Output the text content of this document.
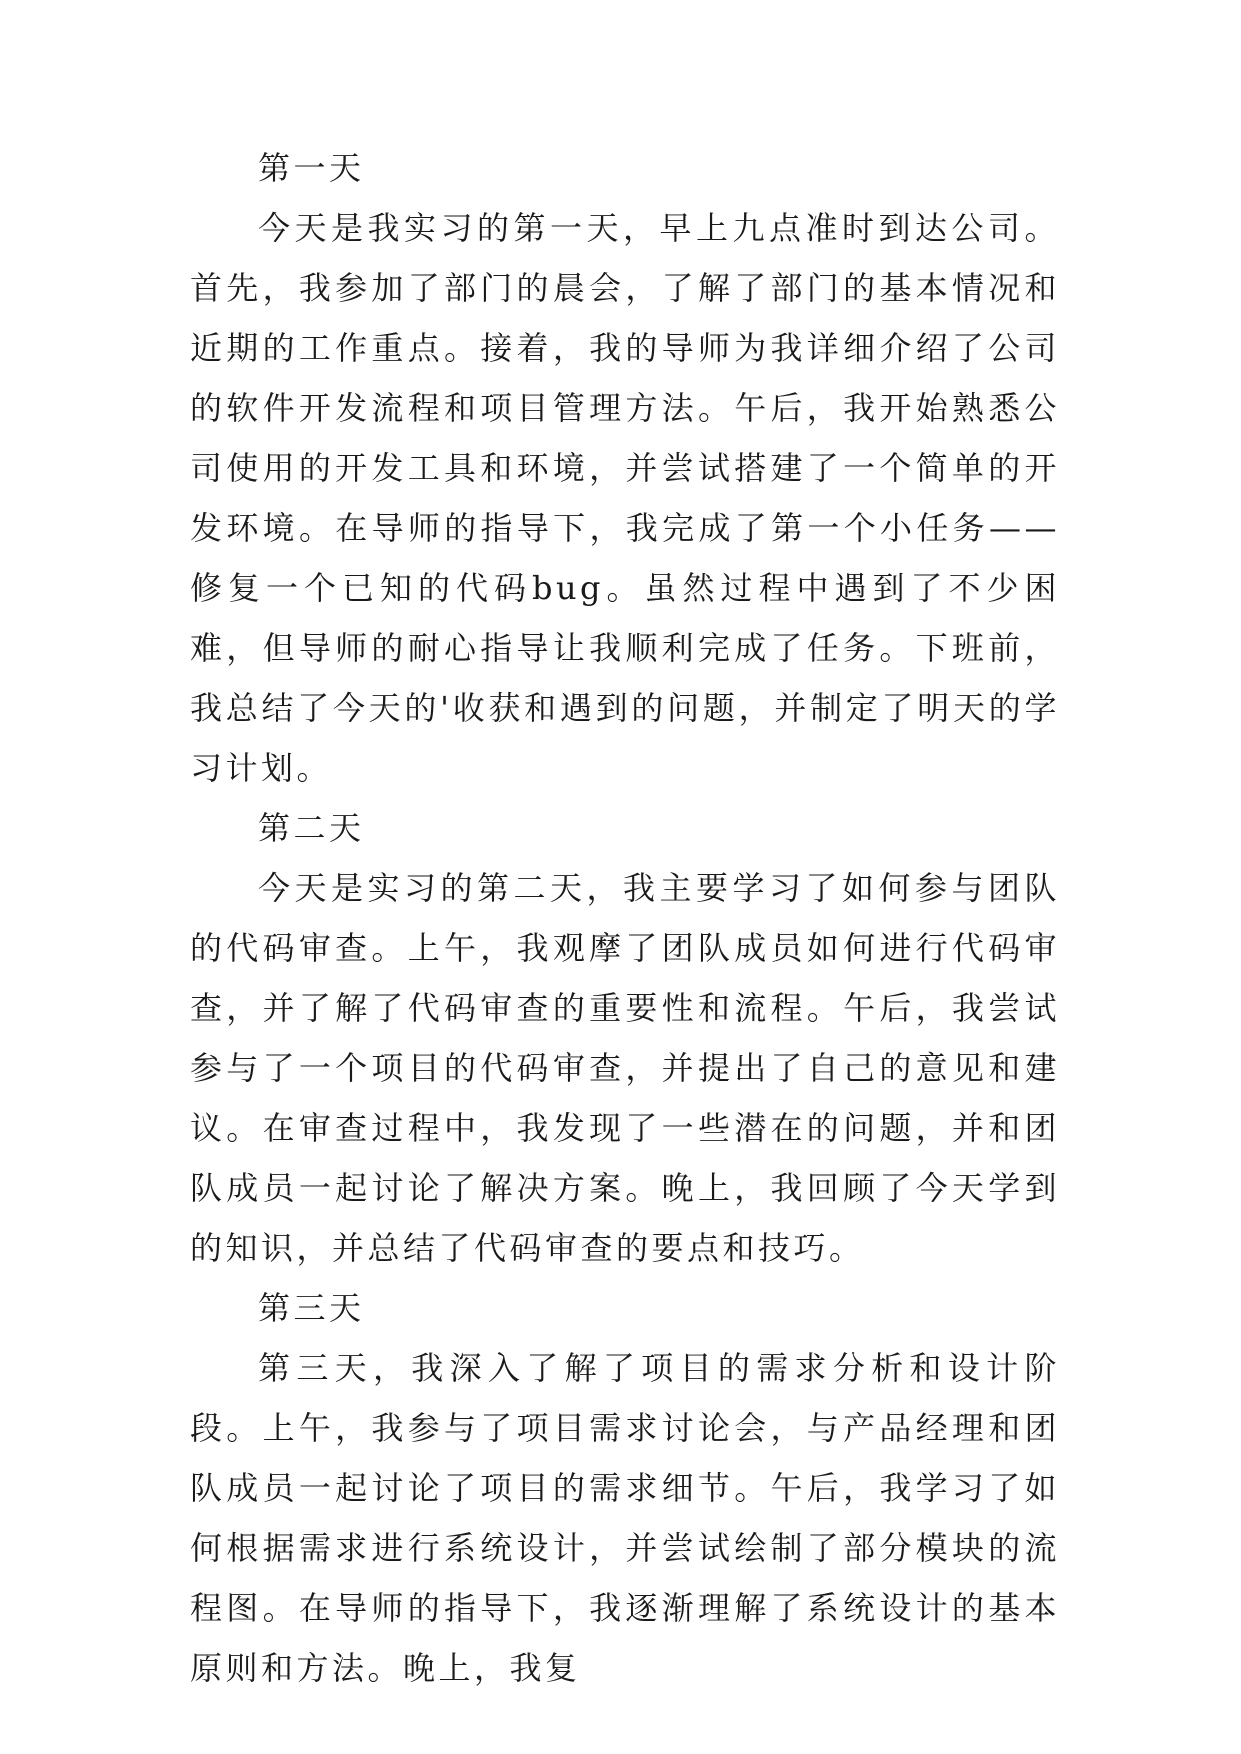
第一天

今天是我实习的第一天，早上九点准时到达公司。首先，我参加了部门的晨会，了解了部门的基本情况和近期的工作重点。接着，我的导师为我详细介绍了公司的软件开发流程和项目管理方法。午后，我开始熟悉公司使用的开发工具和环境，并尝试搭建了一个简单的开发环境。在导师的指导下，我完成了第一个小任务——修复一个已知的代码bug。虽然过程中遇到了不少困难，但导师的耐心指导让我顺利完成了任务。下班前，我总结了今天的'收获和遇到的问题，并制定了明天的学习计划。

第二天

今天是实习的第二天，我主要学习了如何参与团队的代码审查。上午，我观摩了团队成员如何进行代码审查，并了解了代码审查的重要性和流程。午后，我尝试参与了一个项目的代码审查，并提出了自己的意见和建议。在审查过程中，我发现了一些潜在的问题，并和团队成员一起讨论了解决方案。晚上，我回顾了今天学到的知识，并总结了代码审查的要点和技巧。

第三天

第三天，我深入了解了项目的需求分析和设计阶段。上午，我参与了项目需求讨论会，与产品经理和团队成员一起讨论了项目的需求细节。午后，我学习了如何根据需求进行系统设计，并尝试绘制了部分模块的流程图。在导师的指导下，我逐渐理解了系统设计的基本原则和方法。晚上，我复
